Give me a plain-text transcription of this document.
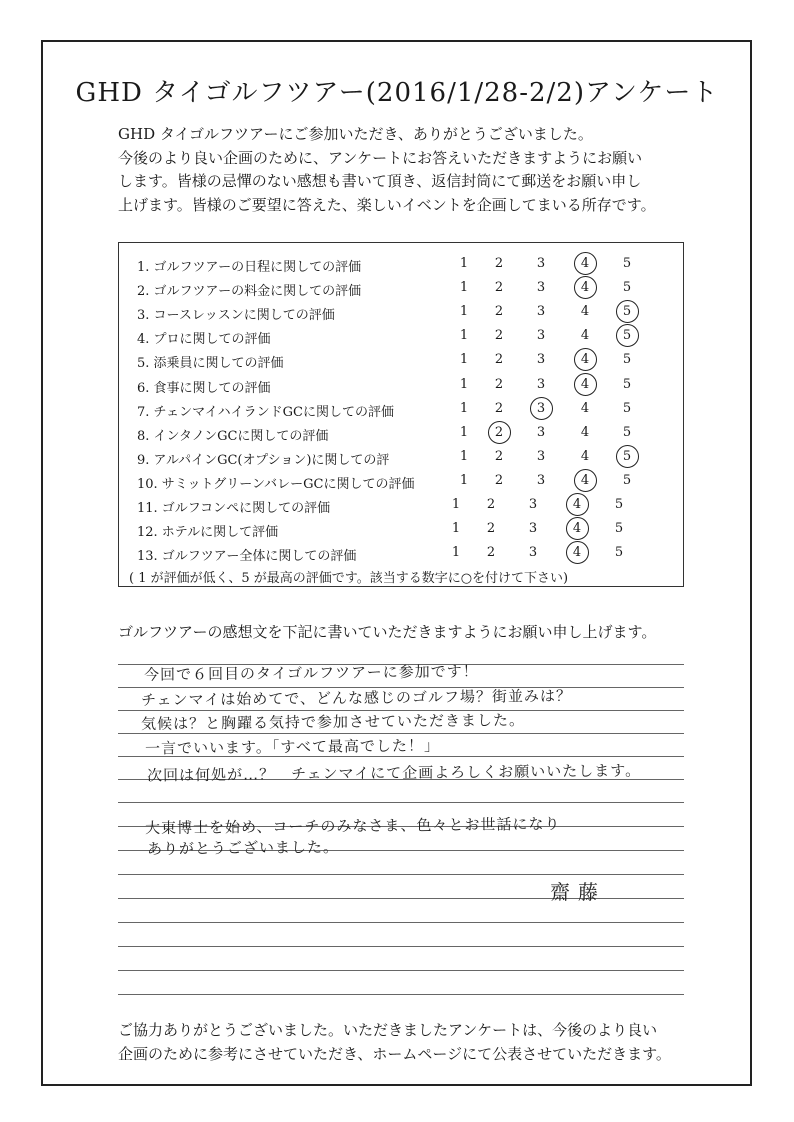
GHD タイゴルフツアー(2016/1/28-2/2)アンケート
GHD タイゴルフツアーにご参加いただき、ありがとうございました。
今後のより良い企画のために、アンケートにお答えいただきますようにお願い
します。皆様の忌憚のない感想も書いて頂き、返信封筒にて郵送をお願い申し
上げます。皆様のご要望に答えた、楽しいイベントを企画してまいる所存です。
( 1 が評価が低く、5 が最高の評価です。該当する数字に○を付けて下さい)
1. ゴルフツアーの日程に関しての評価	1	2	3	4	5
2. ゴルフツアーの料金に関しての評価	1	2	3	4	5
3. コースレッスンに関しての評価	1	2	3	4	5
4. プロに関しての評価	1	2	3	4	5
5. 添乗員に関しての評価	1	2	3	4	5
6. 食事に関しての評価	1	2	3	4	5
7. チェンマイハイランドGCに関しての評価	1	2	3	4	5
8. インタノンGCに関しての評価	1	2	3	4	5
9. アルパインGC(オプション)に関しての評	1	2	3	4	5
10. サミットグリーンバレーGCに関しての評価	1	2	3	4	5
11. ゴルフコンペに関しての評価	1	2	3	4	5
12. ホテルに関して評価	1	2	3	4	5
13. ゴルフツアー全体に関しての評価	1	2	3	4	5
ゴルフツアーの感想文を下記に書いていただきますようにお願い申し上げます。
今回で６回目のタイゴルフツアーに参加です！
チェンマイは始めてで、どんな感じのゴルフ場？街並みは？
気候は？と胸躍る気持で参加させていただきました。
一言でいいます。「すべて最高でした！」
次回は何処が…？　チェンマイにて企画よろしくお願いいたします。
大東博士を始め、コーチのみなさま、色々とお世話になり
ありがとうございました。
齋藤
ご協力ありがとうございました。いただきましたアンケートは、今後のより良い
企画のために参考にさせていただき、ホームページにて公表させていただきます。
